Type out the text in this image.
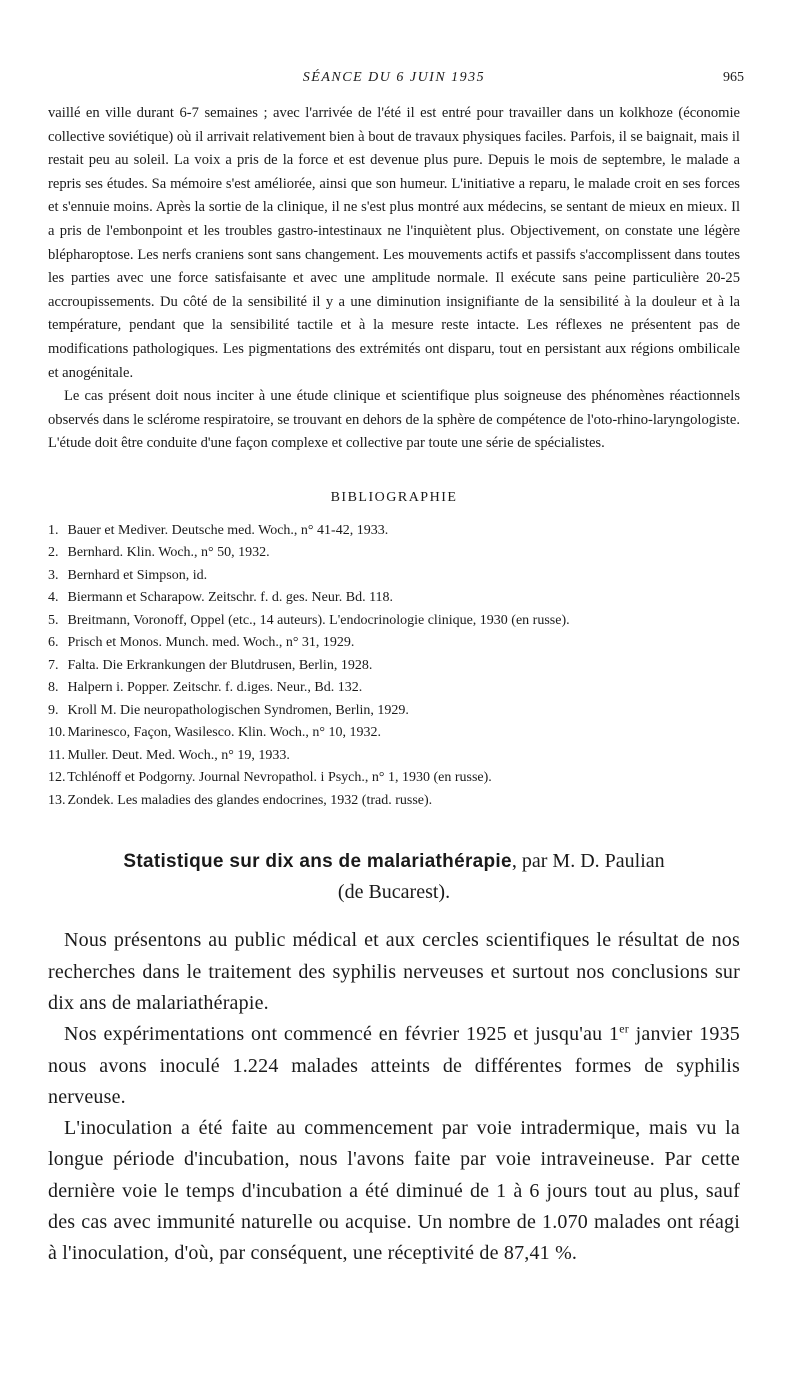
SÉANCE DU 6 JUIN 1935	965

vaillé en ville durant 6-7 semaines ; avec l'arrivée de l'été il est entré pour travailler dans un kolkhoze (économie collective soviétique) où il arrivait relativement bien à bout de travaux physiques faciles. Parfois, il se baignait, mais il restait peu au soleil. La voix a pris de la force et est devenue plus pure. Depuis le mois de septembre, le malade a repris ses études. Sa mémoire s'est améliorée, ainsi que son humeur. L'initiative a reparu, le malade croit en ses forces et s'ennuie moins. Après la sortie de la clinique, il ne s'est plus montré aux médecins, se sentant de mieux en mieux. Il a pris de l'embonpoint et les troubles gastro-intestinaux ne l'inquiètent plus. Objectivement, on constate une légère blépharoptose. Les nerfs craniens sont sans changement. Les mouvements actifs et passifs s'accomplissent dans toutes les parties avec une force satisfaisante et avec une amplitude normale. Il exécute sans peine particulière 20-25 accroupissements. Du côté de la sensibilité il y a une diminution insignifiante de la sensibilité à la douleur et à la température, pendant que la sensibilité tactile et à la mesure reste intacte. Les réflexes ne présentent pas de modifications pathologiques. Les pigmentations des extrémités ont disparu, tout en persistant aux régions ombilicale et anogénitale.

Le cas présent doit nous inciter à une étude clinique et scientifique plus soigneuse des phénomènes réactionnels observés dans le sclérome respiratoire, se trouvant en dehors de la sphère de compétence de l'oto-rhino-laryngologiste. L'étude doit être conduite d'une façon complexe et collective par toute une série de spécialistes.

BIBLIOGRAPHIE
1. Bauer et Mediver. Deutsche med. Woch., n° 41-42, 1933.
2. Bernhard. Klin. Woch., n° 50, 1932.
3. Bernhard et Simpson, id.
4. Biermann et Scharapow. Zeitschr. f. d. ges. Neur. Bd. 118.
5. Breitmann, Voronoff, Oppel (etc., 14 auteurs). L'endocrinologie clinique, 1930 (en russe).
6. Prisch et Monos. Munch. med. Woch., n° 31, 1929.
7. Falta. Die Erkrankungen der Blutdrusen, Berlin, 1928.
8. Halpern i. Popper. Zeitschr. f. d.iges. Neur., Bd. 132.
9. Kroll M. Die neuropathologischen Syndromen, Berlin, 1929.
10. Marinesco, Façon, Wasilesco. Klin. Woch., n° 10, 1932.
11. Muller. Deut. Med. Woch., n° 19, 1933.
12. Tchlénoff et Podgorny. Journal Nevropathol. i Psych., n° 1, 1930 (en russe).
13. Zondek. Les maladies des glandes endocrines, 1932 (trad. russe).
Statistique sur dix ans de malariathérapie, par M. D. Paulian
(de Bucarest).

Nous présentons au public médical et aux cercles scientifiques le résultat de nos recherches dans le traitement des syphilis nerveuses et surtout nos conclusions sur dix ans de malariathérapie.

Nos expérimentations ont commencé en février 1925 et jusqu'au 1er janvier 1935 nous avons inoculé 1.224 malades atteints de différentes formes de syphilis nerveuse.

L'inoculation a été faite au commencement par voie intradermique, mais vu la longue période d'incubation, nous l'avons faite par voie intraveineuse. Par cette dernière voie le temps d'incubation a été diminué de 1 à 6 jours tout au plus, sauf des cas avec immunité naturelle ou acquise. Un nombre de 1.070 malades ont réagi à l'inoculation, d'où, par conséquent, une réceptivité de 87,41 %.
